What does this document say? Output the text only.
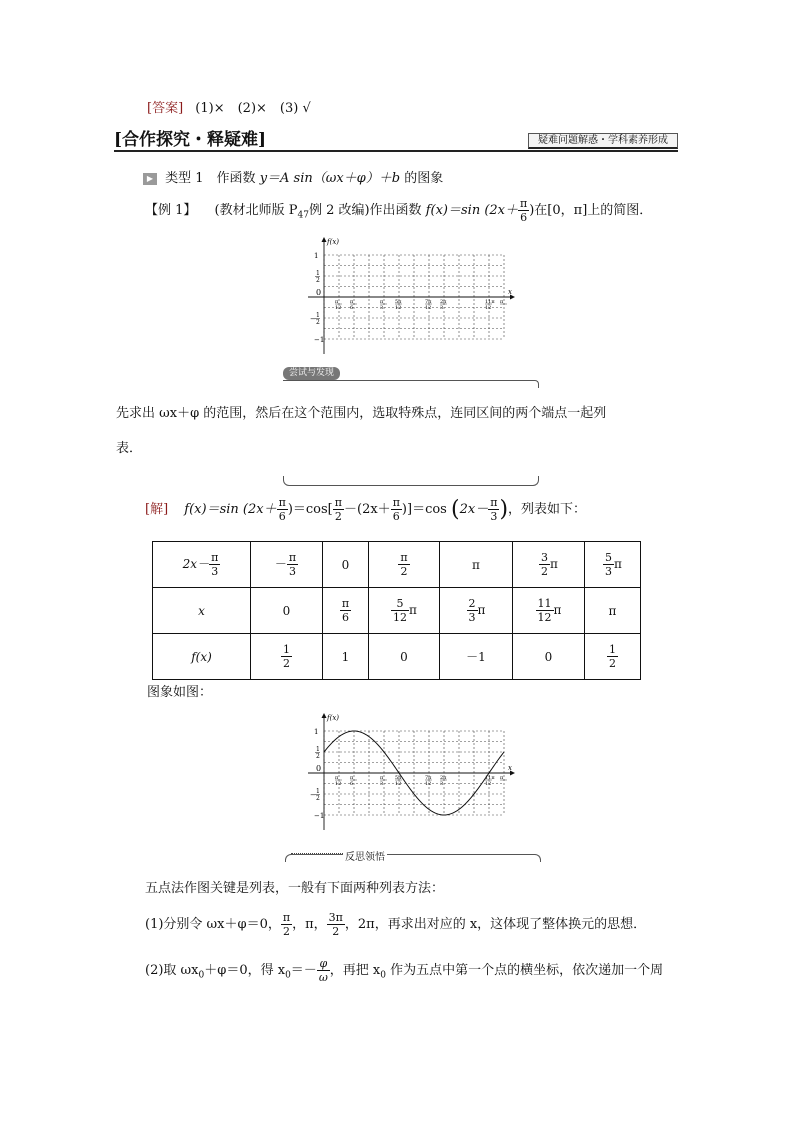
[答案] (1)×　(2)×　(3) √
[合作探究・释疑难]	疑难问题解惑・学科素养形成
▶ 类型 1　作函数 y＝A sin（ωx＋φ）＋b 的图象
【例 1】 (教材北师版 $P_{47}$例 2 改编)作出函数 f(x)＝sin ($2x+ \frac{\pi}{6}$ )在[0，π]上的简图．
f(x)
x
0
1
1
2
− 1
2
−1
π
12
π
6
π
3
5π
12
7π
12
2π
3
11π
12
π
尝试与发现
先求出 ωx＋φ 的范围，然后在这个范围内，选取特殊点，连同区间的两个端点一起列
表．
[解] f(x)＝sin $(2x+ \frac{\pi}{6} )=\cos[ \frac{\pi}{2} -(2x+ \frac{\pi}{6} )]=\cos$ ($2x- \frac{\pi}{3}$ )，列表如下：
$2x- \frac{\pi}{3}$	－ $\frac{\pi}{3}$	0	$\frac{\pi}{2}$	π	$\frac{3}{2}$ π	$\frac{5}{3}$ π
x	0	$\frac{\pi}{6}$	$\frac{5}{12}$ π	$\frac{2}{3}$ π	$\frac{11}{12}$ π	π
f(x)	$\frac{1}{2}$	1	0	－1	0	$\frac{1}{2}$
图象如图：
f(x)
x
0
1
1
2
− 1
2
−1
π
12
π
6
π
3
5π
12
7π
12
2π
3
11π
12
π
反思领悟
五点法作图关键是列表，一般有下面两种列表方法：
(1)分别令 ωx＋φ＝0， $\frac{\pi}{2}$ ，π， $\frac{3\pi}{2}$ ，2π，再求出对应的 x，这体现了整体换元的思想．
(2)取 $\omega x_0+\varphi=0$，得 $x_0=- \frac{\varphi}{\omega}$ ，再把 $x_0$ 作为五点中第一个点的横坐标，依次递加一个周
